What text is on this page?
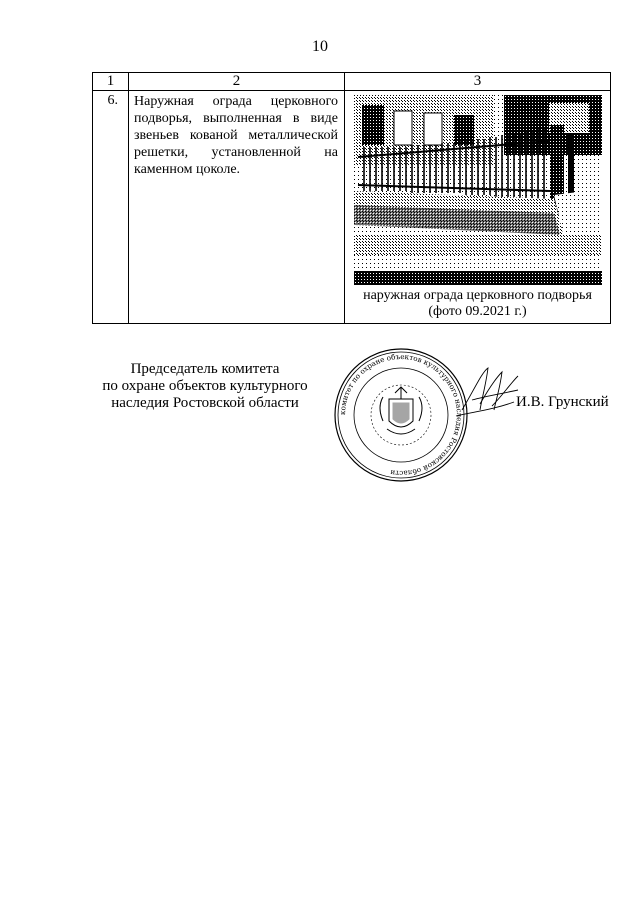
10
1	2	3
6.	Наружная ограда церковного подворья, выполненная в виде звеньев кованой металлической решетки, установленной на каменном цоколе.	наружная ограда церковного подворья
(фото 09.2021 г.)
Председатель комитета
по охране объектов культурного
наследия Ростовской области
комитет по охране объектов культурного наследия Ростовской области
И.В. Грунский
